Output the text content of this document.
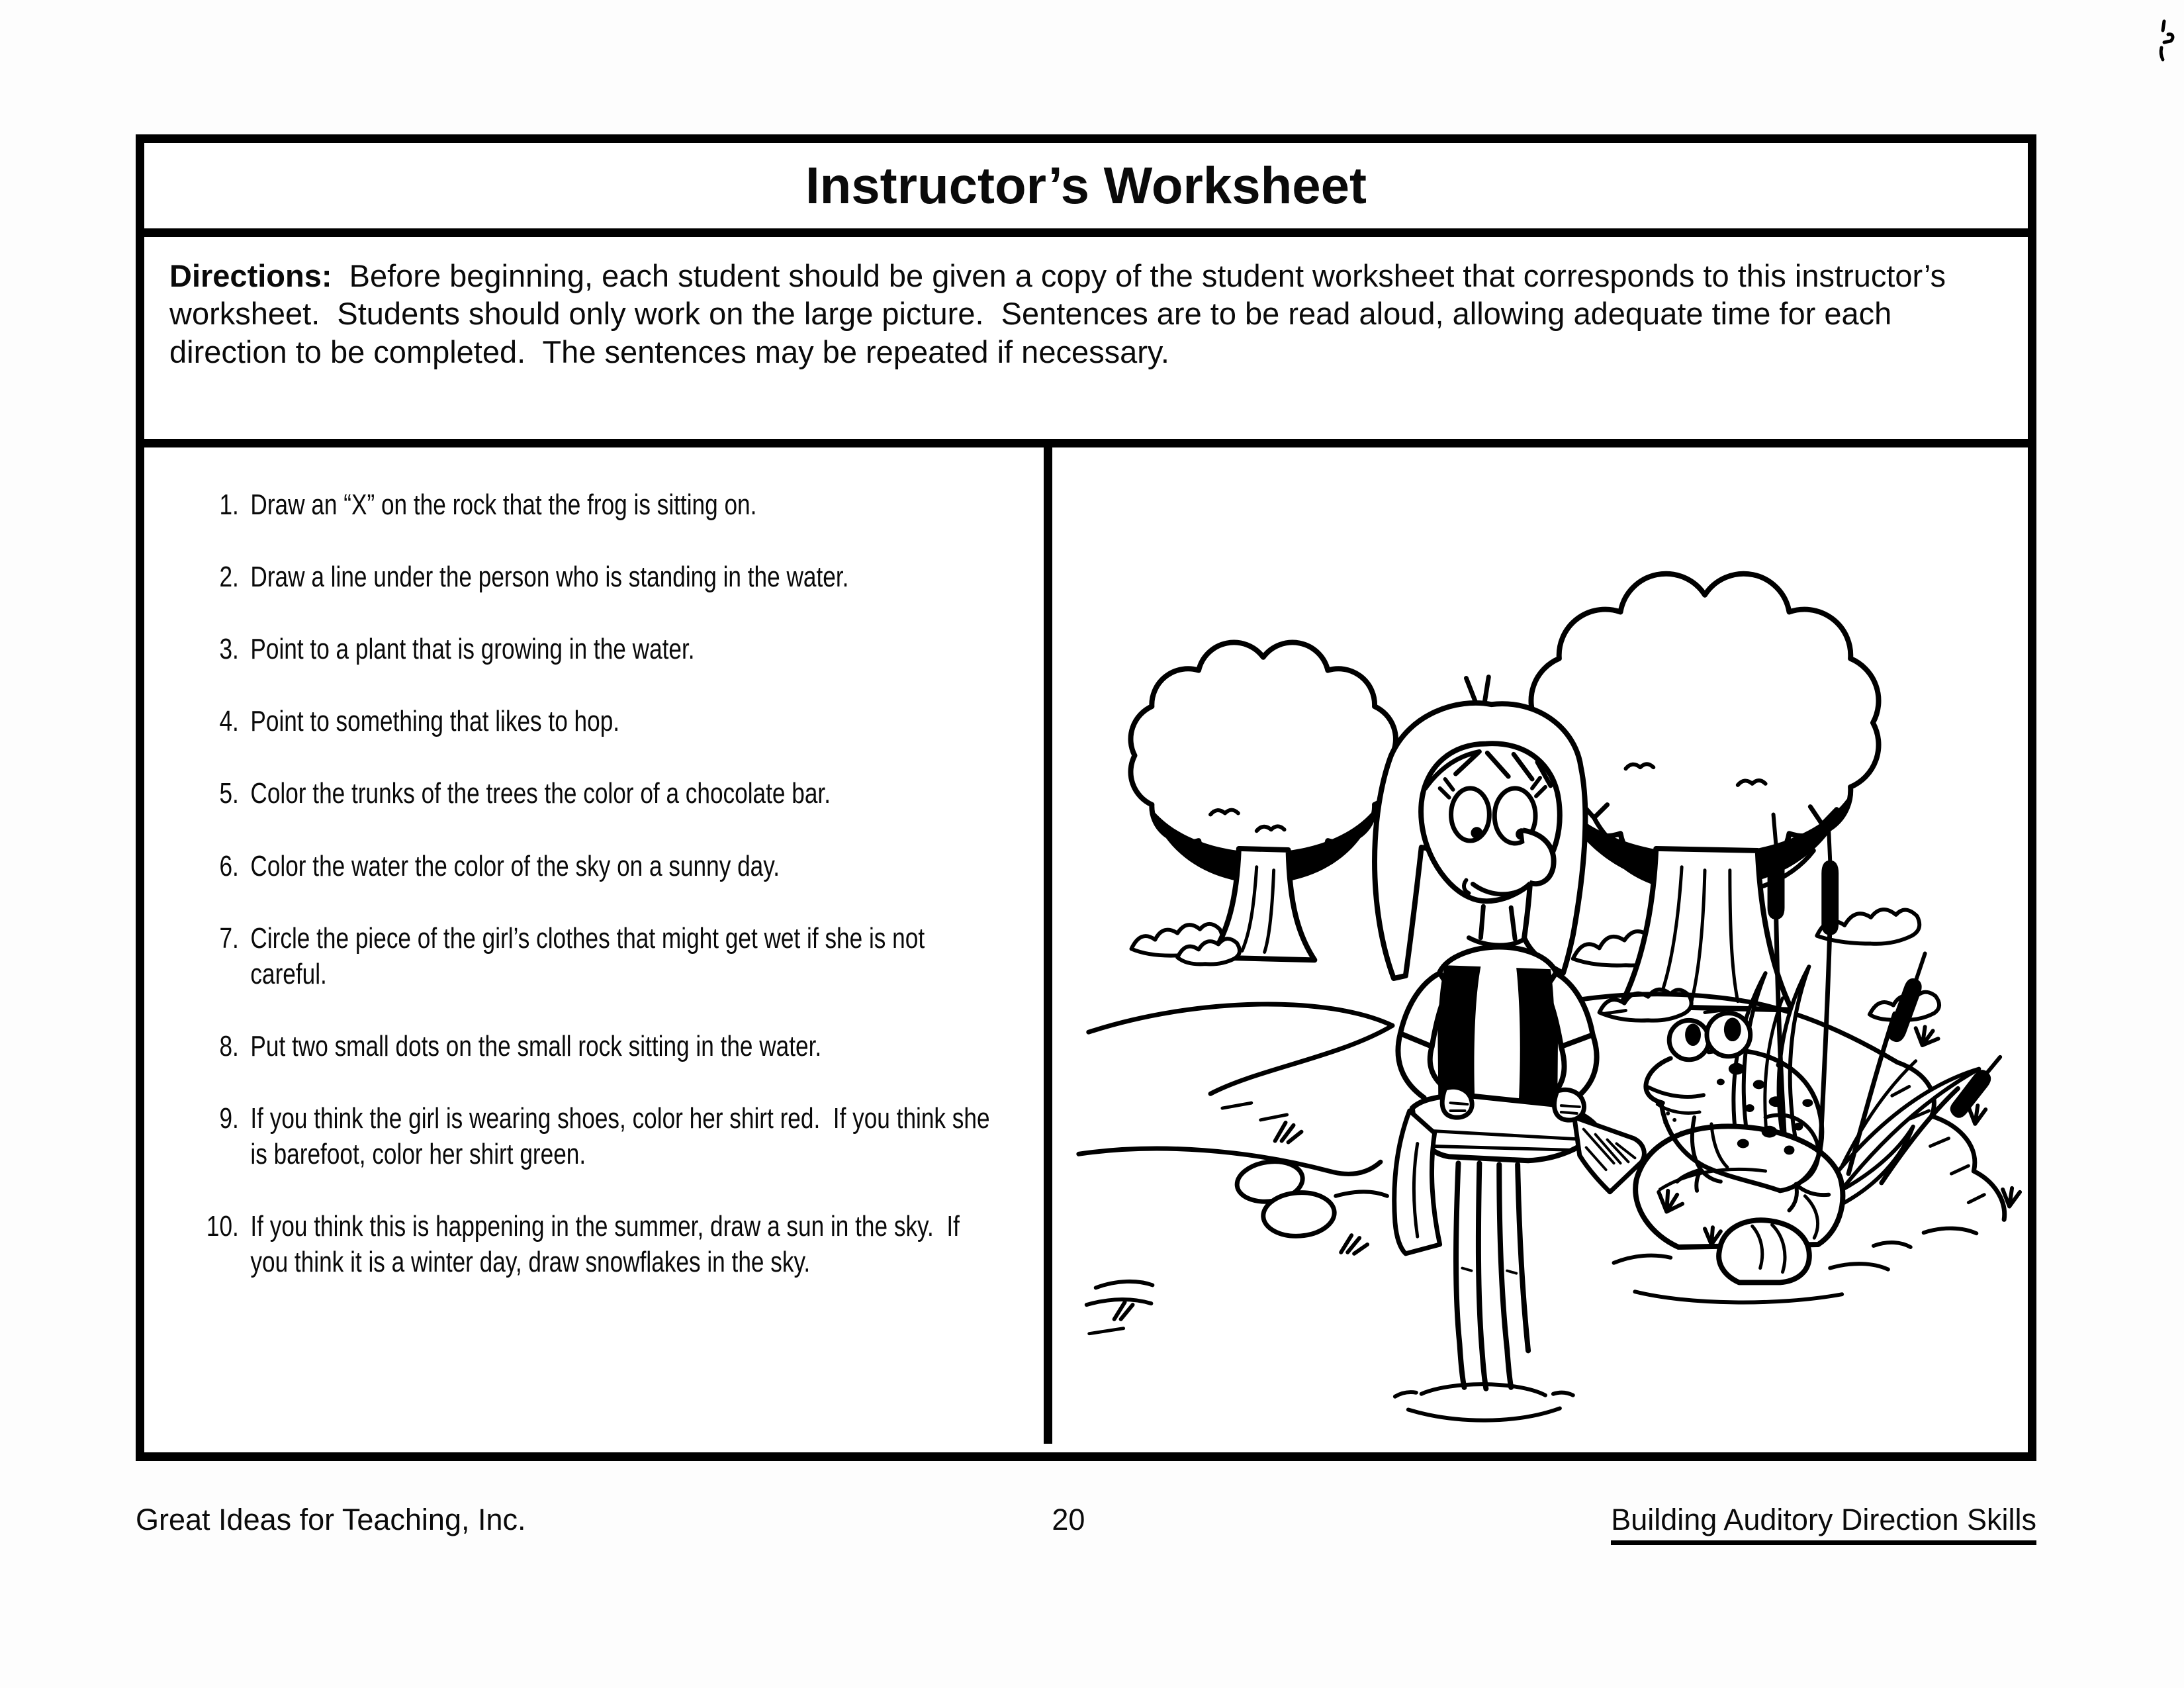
Instructor’s Worksheet
Directions:  Before beginning, each student should be given a copy of the student worksheet that corresponds to this instructor’s worksheet.  Students should only work on the large picture.  Sentences are to be read aloud, allowing adequate time for each direction to be completed.  The sentences may be repeated if necessary.
1. Draw an “X” on the rock that the frog is sitting on.
2. Draw a line under the person who is standing in the water.
3. Point to a plant that is growing in the water.
4. Point to something that likes to hop.
5. Color the trunks of the trees the color of a chocolate bar.
6. Color the water the color of the sky on a sunny day.
7. Circle the piece of the girl’s clothes that might get wet if she is not careful.
8. Put two small dots on the small rock sitting in the water.
9. If you think the girl is wearing shoes, color her shirt red.  If you think she is barefoot, color her shirt green.
10. If you think this is happening in the summer, draw a sun in the sky.  If you think it is a winter day, draw snowflakes in the sky.
Great Ideas for Teaching, Inc.	20	Building Auditory Direction Skills
